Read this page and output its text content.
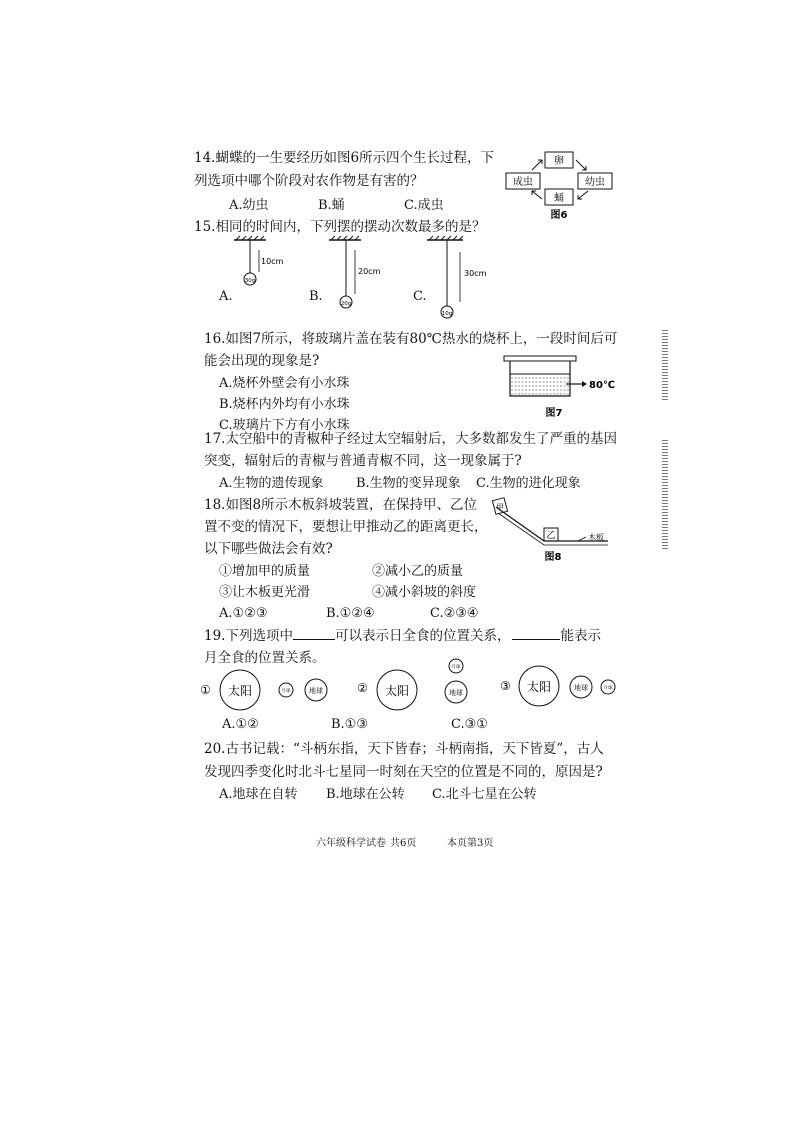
14.蝴蝶的一生要经历如图6所示四个生长过程，下
列选项中哪个阶段对农作物是有害的？
A.幼虫	B.蛹	C.成虫
卵
幼虫
蛹
成虫
图6
15.相同的时间内，下列摆的摆动次数最多的是？
30g
10cm
A.	20g
20cm
B.
10g
30cm
C.
16.如图7所示，将玻璃片盖在装有80℃热水的烧杯上，一段时间后可
能会出现的现象是?
A.烧杯外壁会有小水珠
B.烧杯内外均有小水珠
C.玻璃片下方有小水珠
80℃
图7
17.太空船中的青椒种子经过太空辐射后，大多数都发生了严重的基因
突变，辐射后的青椒与普通青椒不同，这一现象属于?
A.生物的遗传现象 B.生物的变异现象 C.生物的进化现象
18.如图8所示木板斜坡装置，在保持甲、乙位
置不变的情况下，要想让甲推动乙的距离更长，
以下哪些做法会有效?
①增加甲的质量	②减小乙的质量
③让木板更光滑	④减小斜坡的斜度
A.①②③	B.①②④	C.②③④
甲
乙	木板
图8
19.下列选项中	可以表示日全食的位置关系，	能表示
月全食的位置关系。
① 太阳	月球	地球	② 太阳
月球
地球	③ 太阳	地球	月球
A.①②	B.①③	C.③①
20.古书记载：“斗柄东指，天下皆春；斗柄南指，天下皆夏”，古人
发现四季变化时北斗七星同一时刻在天空的位置是不同的，原因是?
A.地球在自转 B.地球在公转 C.北斗七星在公转
六年级科学试卷 共6页	本页第3页
